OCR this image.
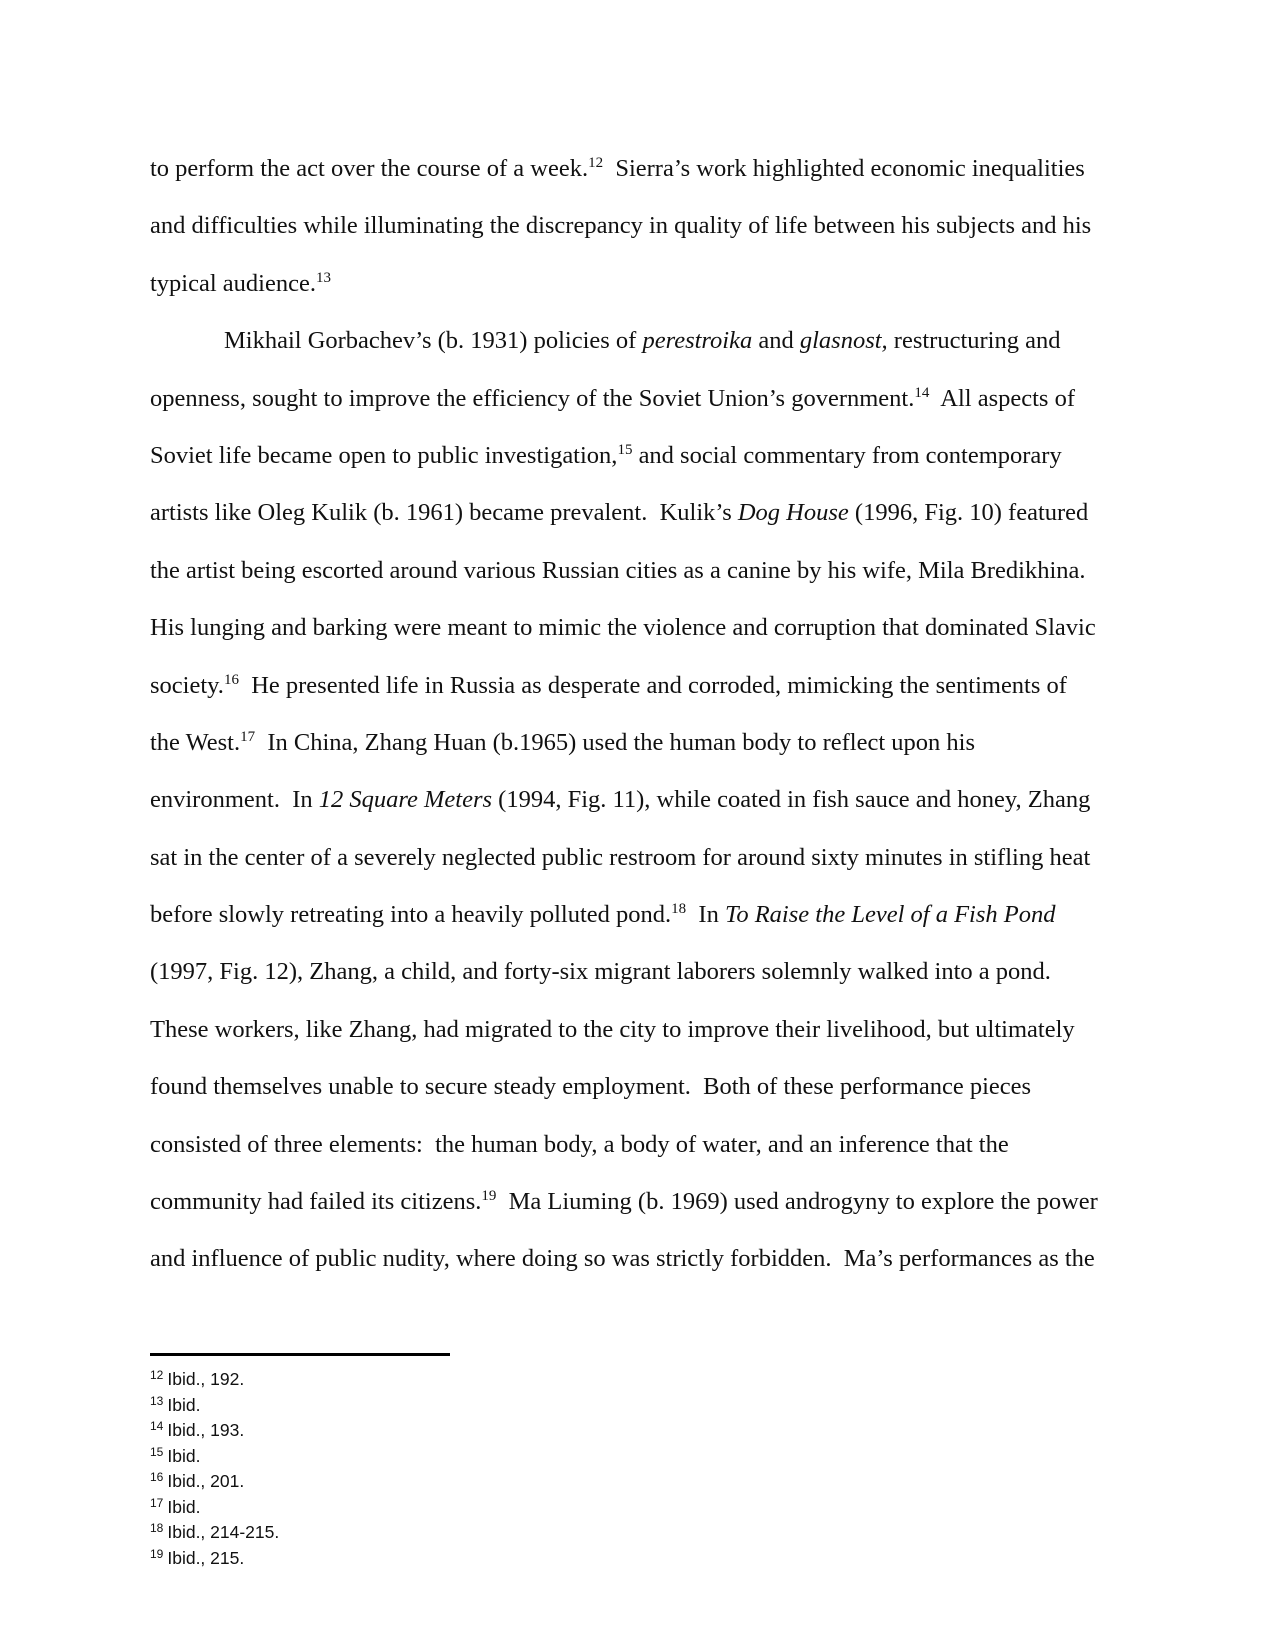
to perform the act over the course of a week.$^{12}$  Sierra’s work highlighted economic inequalities
and difficulties while illuminating the discrepancy in quality of life between his subjects and his
typical audience.$^{13}$
Mikhail Gorbachev’s (b. 1931) policies of perestroika and glasnost, restructuring and
openness, sought to improve the efficiency of the Soviet Union’s government.$^{14}$  All aspects of
Soviet life became open to public investigation,$^{15}$ and social commentary from contemporary
artists like Oleg Kulik (b. 1961) became prevalent.  Kulik’s Dog House (1996, Fig. 10) featured
the artist being escorted around various Russian cities as a canine by his wife, Mila Bredikhina.
His lunging and barking were meant to mimic the violence and corruption that dominated Slavic
society.$^{16}$  He presented life in Russia as desperate and corroded, mimicking the sentiments of
the West.$^{17}$  In China, Zhang Huan (b.1965) used the human body to reflect upon his
environment.  In 12 Square Meters (1994, Fig. 11), while coated in fish sauce and honey, Zhang
sat in the center of a severely neglected public restroom for around sixty minutes in stifling heat
before slowly retreating into a heavily polluted pond.$^{18}$  In To Raise the Level of a Fish Pond
(1997, Fig. 12), Zhang, a child, and forty-six migrant laborers solemnly walked into a pond.
These workers, like Zhang, had migrated to the city to improve their livelihood, but ultimately
found themselves unable to secure steady employment.  Both of these performance pieces
consisted of three elements:  the human body, a body of water, and an inference that the
community had failed its citizens.$^{19}$  Ma Liuming (b. 1969) used androgyny to explore the power
and influence of public nudity, where doing so was strictly forbidden.  Ma’s performances as the
$^{12}$ Ibid., 192.
$^{13}$ Ibid.
$^{14}$ Ibid., 193.
$^{15}$ Ibid.
$^{16}$ Ibid., 201.
$^{17}$ Ibid.
$^{18}$ Ibid., 214-215.
$^{19}$ Ibid., 215.
